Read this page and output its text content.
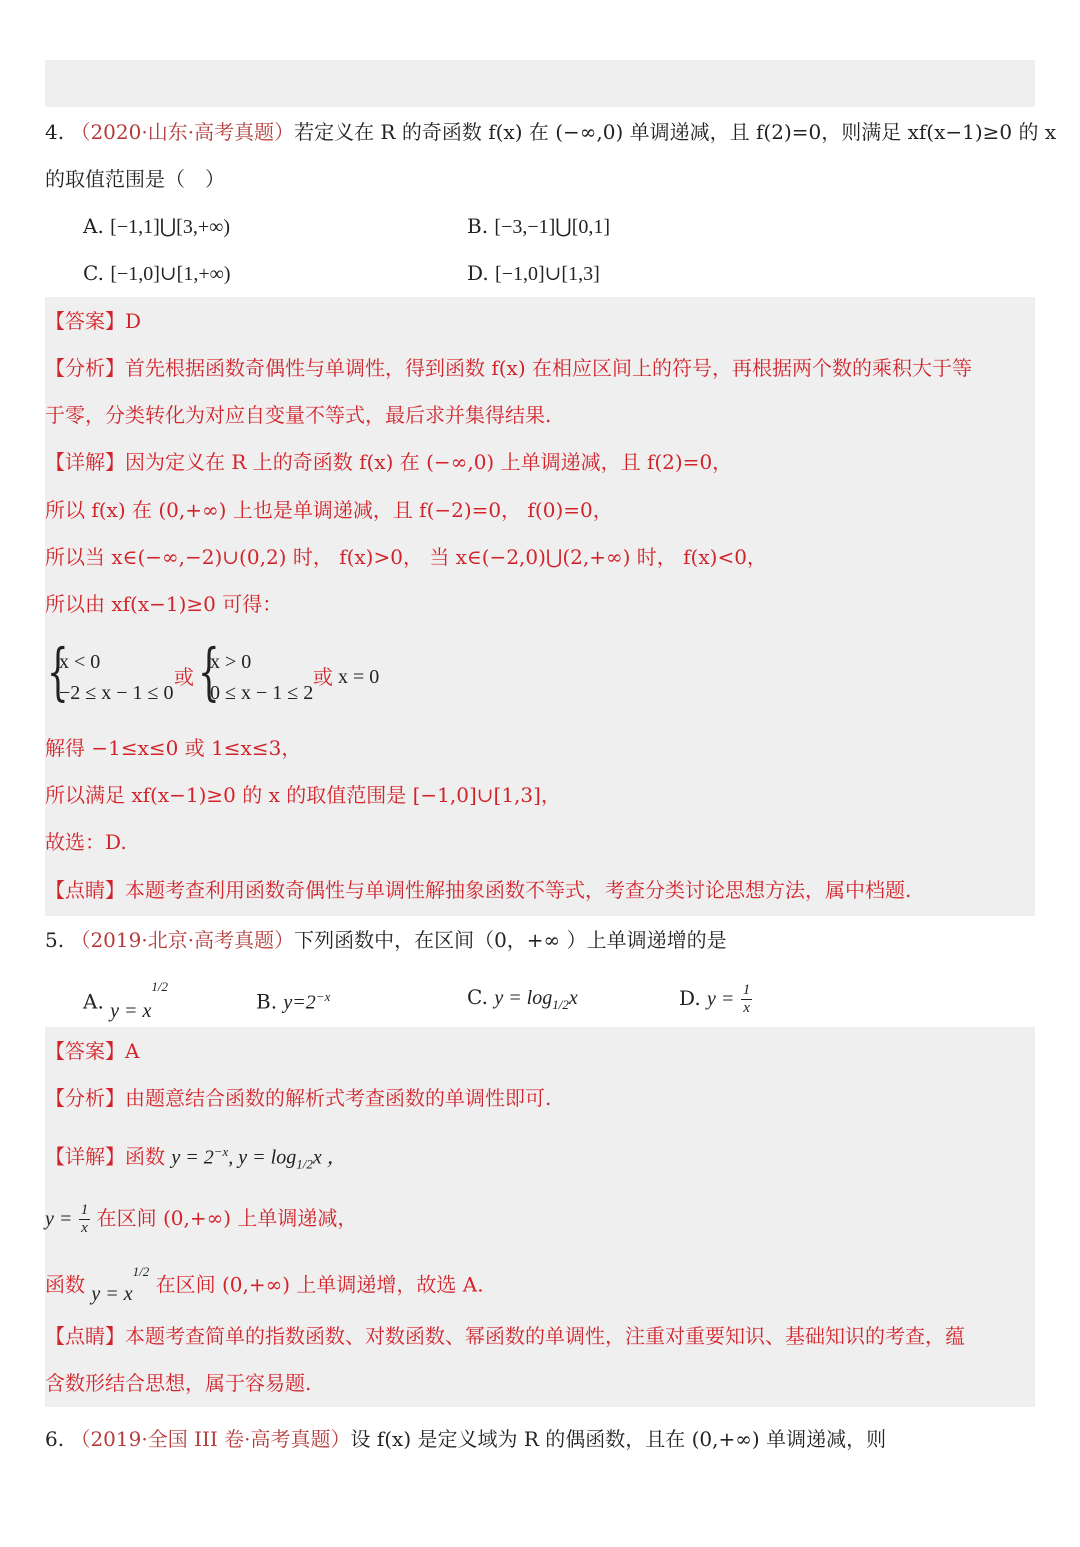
4. （2020·山东·高考真题）若定义在 R 的奇函数 f(x) 在 (−∞,0) 单调递减，且 f(2)=0，则满足 xf(x−1)≥0 的 x
的取值范围是（　）
A. [−1,1]⋃[3,+∞)	B. [−3,−1]⋃[0,1]
C. [−1,0]∪[1,+∞)	D. [−1,0]∪[1,3]
【答案】D
【分析】首先根据函数奇偶性与单调性，得到函数 f(x) 在相应区间上的符号，再根据两个数的乘积大于等
于零，分类转化为对应自变量不等式，最后求并集得结果.
【详解】因为定义在 R 上的奇函数 f(x) 在 (−∞,0) 上单调递减，且 f(2)=0，
所以 f(x) 在 (0,+∞) 上也是单调递减，且 f(−2)=0， f(0)=0，
所以当 x∈(−∞,−2)∪(0,2) 时， f(x)>0， 当 x∈(−2,0)⋃(2,+∞) 时， f(x)<0，
所以由 xf(x−1)≥0 可得：
{
x < 0
−2 ≤ x − 1 ≤ 0
或 {
x > 0
0 ≤ x − 1 ≤ 2
或 x = 0
解得 −1≤x≤0 或 1≤x≤3，
所以满足 xf(x−1)≥0 的 x 的取值范围是 [−1,0]∪[1,3]，
故选：D.
【点睛】本题考查利用函数奇偶性与单调性解抽象函数不等式，考查分类讨论思想方法，属中档题.
5. （2019·北京·高考真题）下列函数中，在区间（0，+∞ ）上单调递增的是
A. $y = x^{1/2}$
B. $y=2^{-x}$	C. $y = \log_{1/2}x$	D. $y = \frac{1}{x}$
【答案】A
【分析】由题意结合函数的解析式考查函数的单调性即可.
【详解】函数 $y = 2^{-x}$, $y = \log_{1/2}x$ ，
$y = \frac{1}{x}$ 在区间 (0,+∞) 上单调递减，
函数 $y = x^{1/2}$ 在区间 (0,+∞) 上单调递增，故选 A.
【点睛】本题考查简单的指数函数、对数函数、幂函数的单调性，注重对重要知识、基础知识的考查，蕴
含数形结合思想，属于容易题.
6. （2019·全国 III 卷·高考真题）设 f(x) 是定义域为 R 的偶函数，且在 (0,+∞) 单调递减，则
